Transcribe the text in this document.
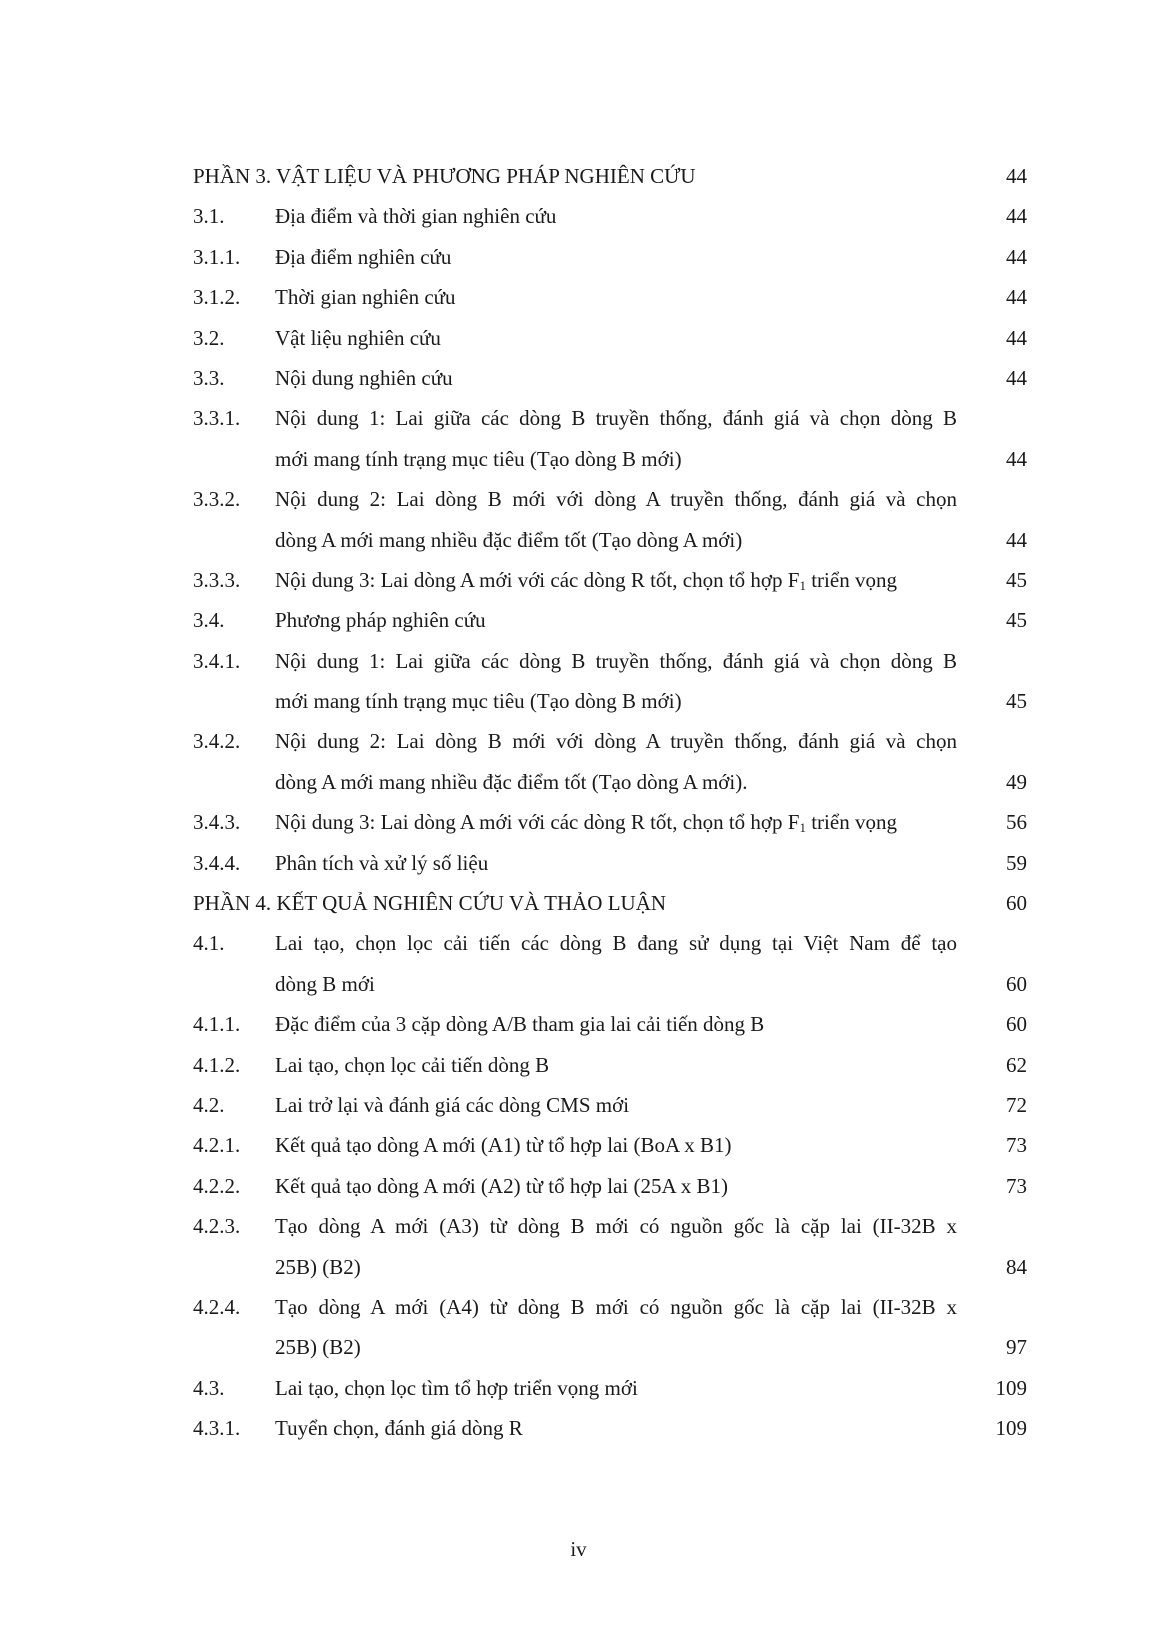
PHẦN 3. VẬT LIỆU VÀ PHƯƠNG PHÁP NGHIÊN CỨU	44
3.1. Địa điểm và thời gian nghiên cứu	44
3.1.1. Địa điểm nghiên cứu	44
3.1.2. Thời gian nghiên cứu	44
3.2. Vật liệu nghiên cứu	44
3.3. Nội dung nghiên cứu	44
3.3.1. Nội dung 1: Lai giữa các dòng B truyền thống, đánh giá và chọn dòng B
mới mang tính trạng mục tiêu (Tạo dòng B mới)	44
3.3.2. Nội dung 2: Lai dòng B mới với dòng A truyền thống, đánh giá và chọn
dòng A mới mang nhiều đặc điểm tốt (Tạo dòng A mới)	44
3.3.3. Nội dung 3: Lai dòng A mới với các dòng R tốt, chọn tổ hợp $F_1$ triển vọng	45
3.4. Phương pháp nghiên cứu	45
3.4.1. Nội dung 1: Lai giữa các dòng B truyền thống, đánh giá và chọn dòng B
mới mang tính trạng mục tiêu (Tạo dòng B mới)	45
3.4.2. Nội dung 2: Lai dòng B mới với dòng A truyền thống, đánh giá và chọn
dòng A mới mang nhiều đặc điểm tốt (Tạo dòng A mới).	49
3.4.3. Nội dung 3: Lai dòng A mới với các dòng R tốt, chọn tổ hợp $F_1$ triển vọng	56
3.4.4. Phân tích và xử lý số liệu	59
PHẦN 4. KẾT QUẢ NGHIÊN CỨU VÀ THẢO LUẬN	60
4.1. Lai tạo, chọn lọc cải tiến các dòng B đang sử dụng tại Việt Nam để tạo
dòng B mới	60
4.1.1. Đặc điểm của 3 cặp dòng A/B tham gia lai cải tiến dòng B	60
4.1.2. Lai tạo, chọn lọc cải tiến dòng B	62
4.2. Lai trở lại và đánh giá các dòng CMS mới	72
4.2.1. Kết quả tạo dòng A mới (A1) từ tổ hợp lai (BoA x B1)	73
4.2.2. Kết quả tạo dòng A mới (A2) từ tổ hợp lai (25A x B1)	73
4.2.3. Tạo dòng A mới (A3) từ dòng B mới có nguồn gốc là cặp lai (II-32B x
25B) (B2)	84
4.2.4. Tạo dòng A mới (A4) từ dòng B mới có nguồn gốc là cặp lai (II-32B x
25B) (B2)	97
4.3. Lai tạo, chọn lọc tìm tổ hợp triển vọng mới	109
4.3.1. Tuyển chọn, đánh giá dòng R	109
iv
